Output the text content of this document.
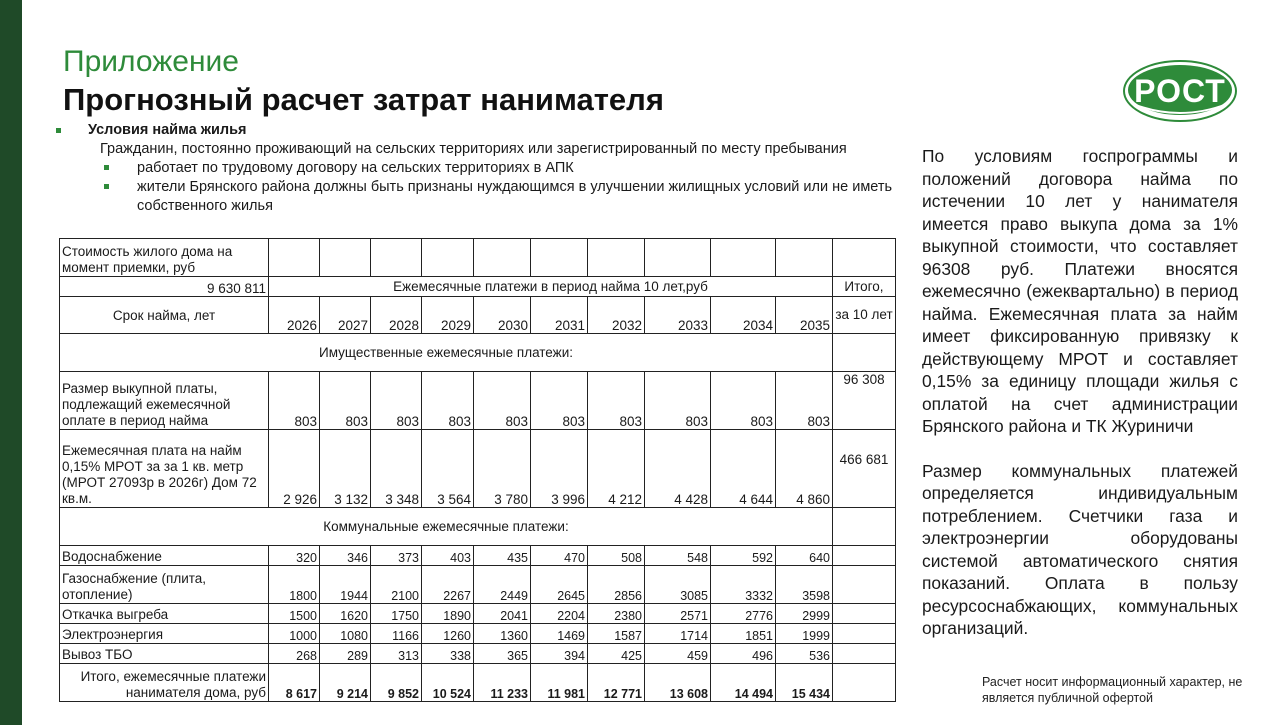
Приложение
Прогнозный расчет затрат нанимателя	РОСТ
Условия найма жилья
Гражданин, постоянно проживающий на сельских территориях или зарегистрированный по месту пребывания
работает по трудовому договору на сельских территориях в АПК
жители Брянского района должны быть признаны нуждающимся в улучшении жилищных условий или не иметь собственного жилья
Стоимость жилого дома на момент приемки, руб											
9 630 811	Ежемесячные платежи в период найма 10 лет,руб										Итого,
Срок найма, лет	2026	2027	2028	2029	2030	2031	2032	2033	2034	2035	за 10 лет
Имущественные ежемесячные платежи:											
Размер выкупной платы, подлежащий ежемесячной оплате в период найма	803	803	803	803	803	803	803	803	803	803	96 308
Ежемесячная плата на найм 0,15% МРОТ за за 1 кв. метр (МРОТ 27093р в 2026г) Дом 72 кв.м.	2 926	3 132	3 348	3 564	3 780	3 996	4 212	4 428	4 644	4 860	466 681
Коммунальные ежемесячные платежи:											
Водоснабжение	320	346	373	403	435	470	508	548	592	640	
Газоснабжение (плита, отопление)	1800	1944	2100	2267	2449	2645	2856	3085	3332	3598	
Откачка выгреба	1500	1620	1750	1890	2041	2204	2380	2571	2776	2999	
Электроэнергия	1000	1080	1166	1260	1360	1469	1587	1714	1851	1999	
Вывоз ТБО	268	289	313	338	365	394	425	459	496	536	
Итого, ежемесячные платежи нанимателя дома, руб	8 617	9 214	9 852	10 524	11 233	11 981	12 771	13 608	14 494	15 434	

По условиям госпрограммы и положений договора найма по истечении 10 лет у нанимателя имеется право выкупа дома за 1% выкупной стоимости, что составляет 96308 руб. Платежи вносятся ежемесячно (ежеквартально) в период найма. Ежемесячная плата за найм имеет фиксированную привязку к действующему МРОТ и составляет 0,15% за единицу площади жилья с оплатой на счет администрации Брянского района и ТК Журиничи

Размер коммунальных платежей определяется индивидуальным потреблением. Счетчики газа и электроэнергии оборудованы системой автоматического снятия показаний. Оплата в пользу ресурсоснабжающих, коммунальных организаций.

Расчет носит информационный характер, не является публичной офертой
